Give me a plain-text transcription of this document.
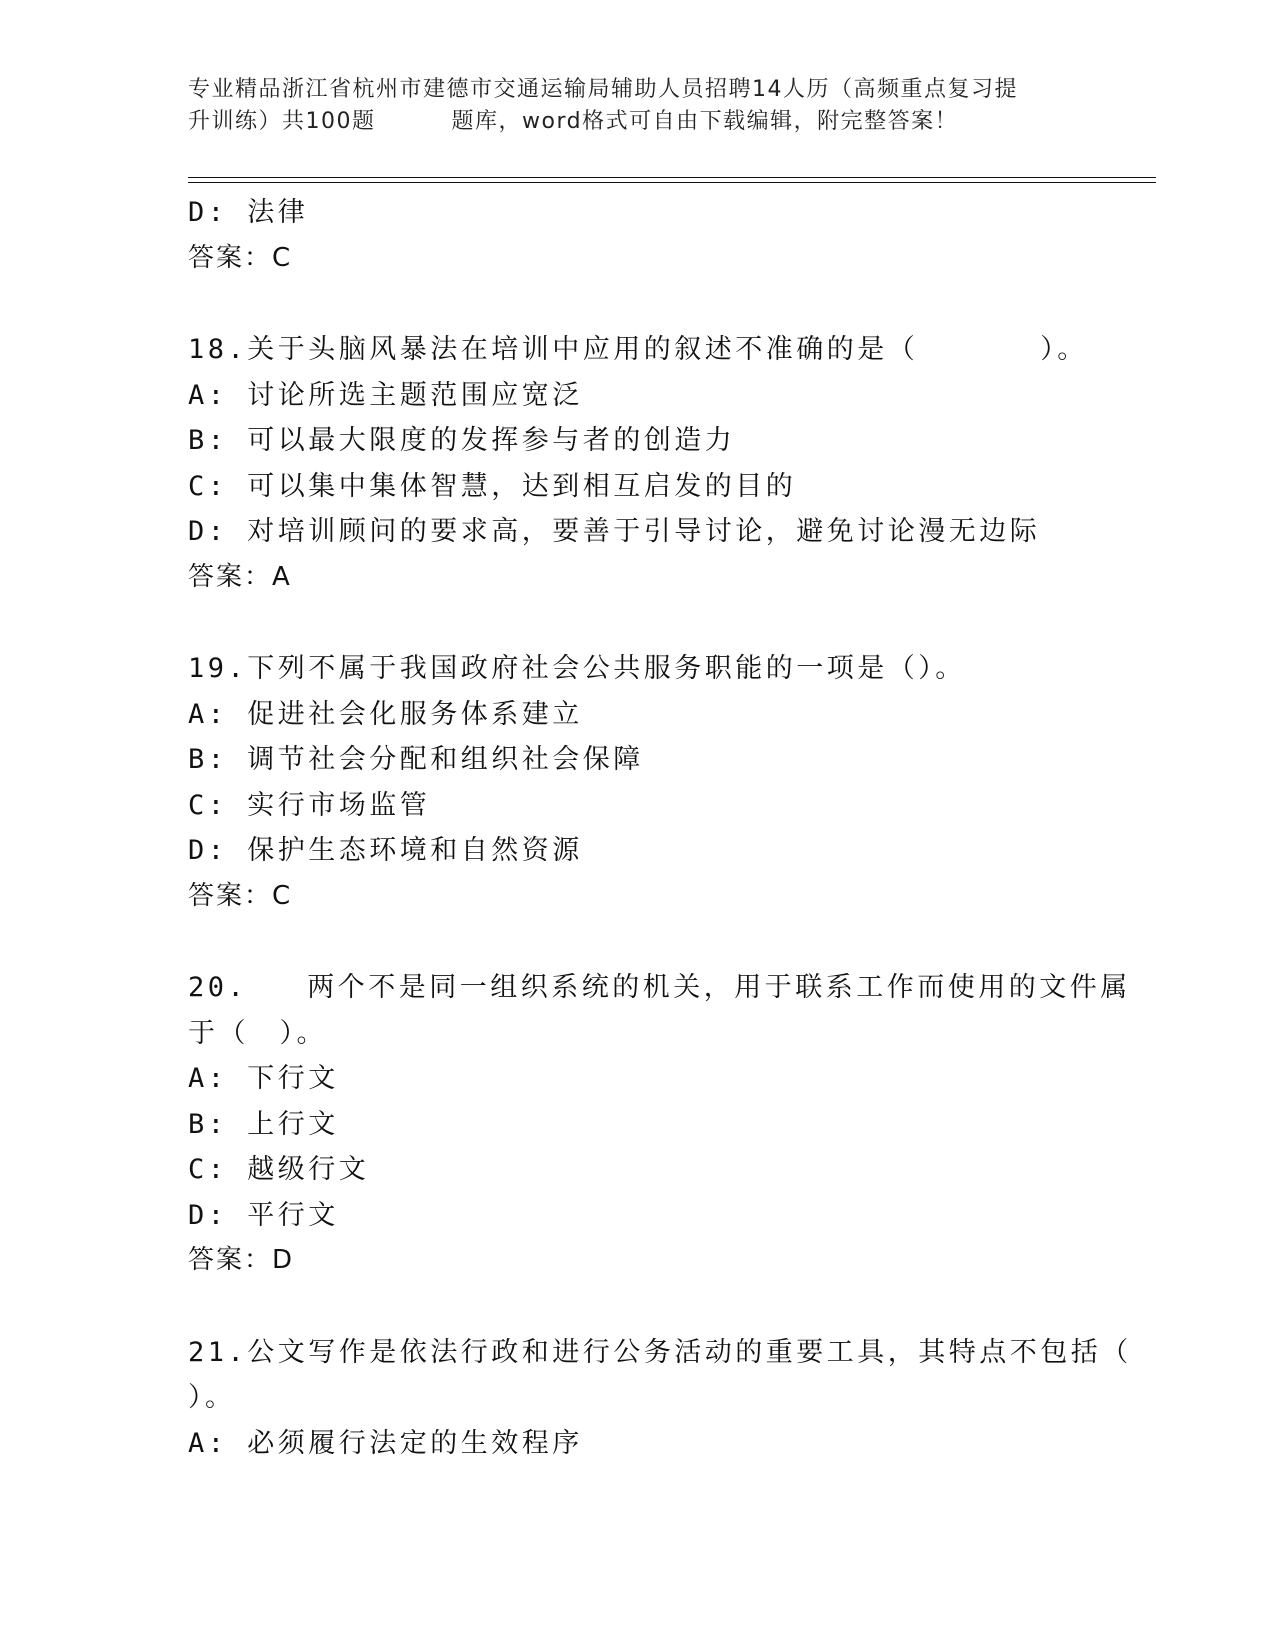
专业精品浙江省杭州市建德市交通运输局辅助人员招聘14人历（高频重点复习提
升训练）共100题	题库，word格式可自由下载编辑，附完整答案！
D: 法律
答案：C
18.关于头脑风暴法在培训中应用的叙述不准确的是（　　　　）。
A: 讨论所选主题范围应宽泛
B: 可以最大限度的发挥参与者的创造力
C: 可以集中集体智慧，达到相互启发的目的
D: 对培训顾问的要求高，要善于引导讨论，避免讨论漫无边际
答案：A
19.下列不属于我国政府社会公共服务职能的一项是（）。
A: 促进社会化服务体系建立
B: 调节社会分配和组织社会保障
C: 实行市场监管
D: 保护生态环境和自然资源
答案：C
20. 两个不是同一组织系统的机关，用于联系工作而使用的文件属
于（　）。
A: 下行文
B: 上行文
C: 越级行文
D: 平行文
答案：D
21.公文写作是依法行政和进行公务活动的重要工具，其特点不包括（
）。
A: 必须履行法定的生效程序
